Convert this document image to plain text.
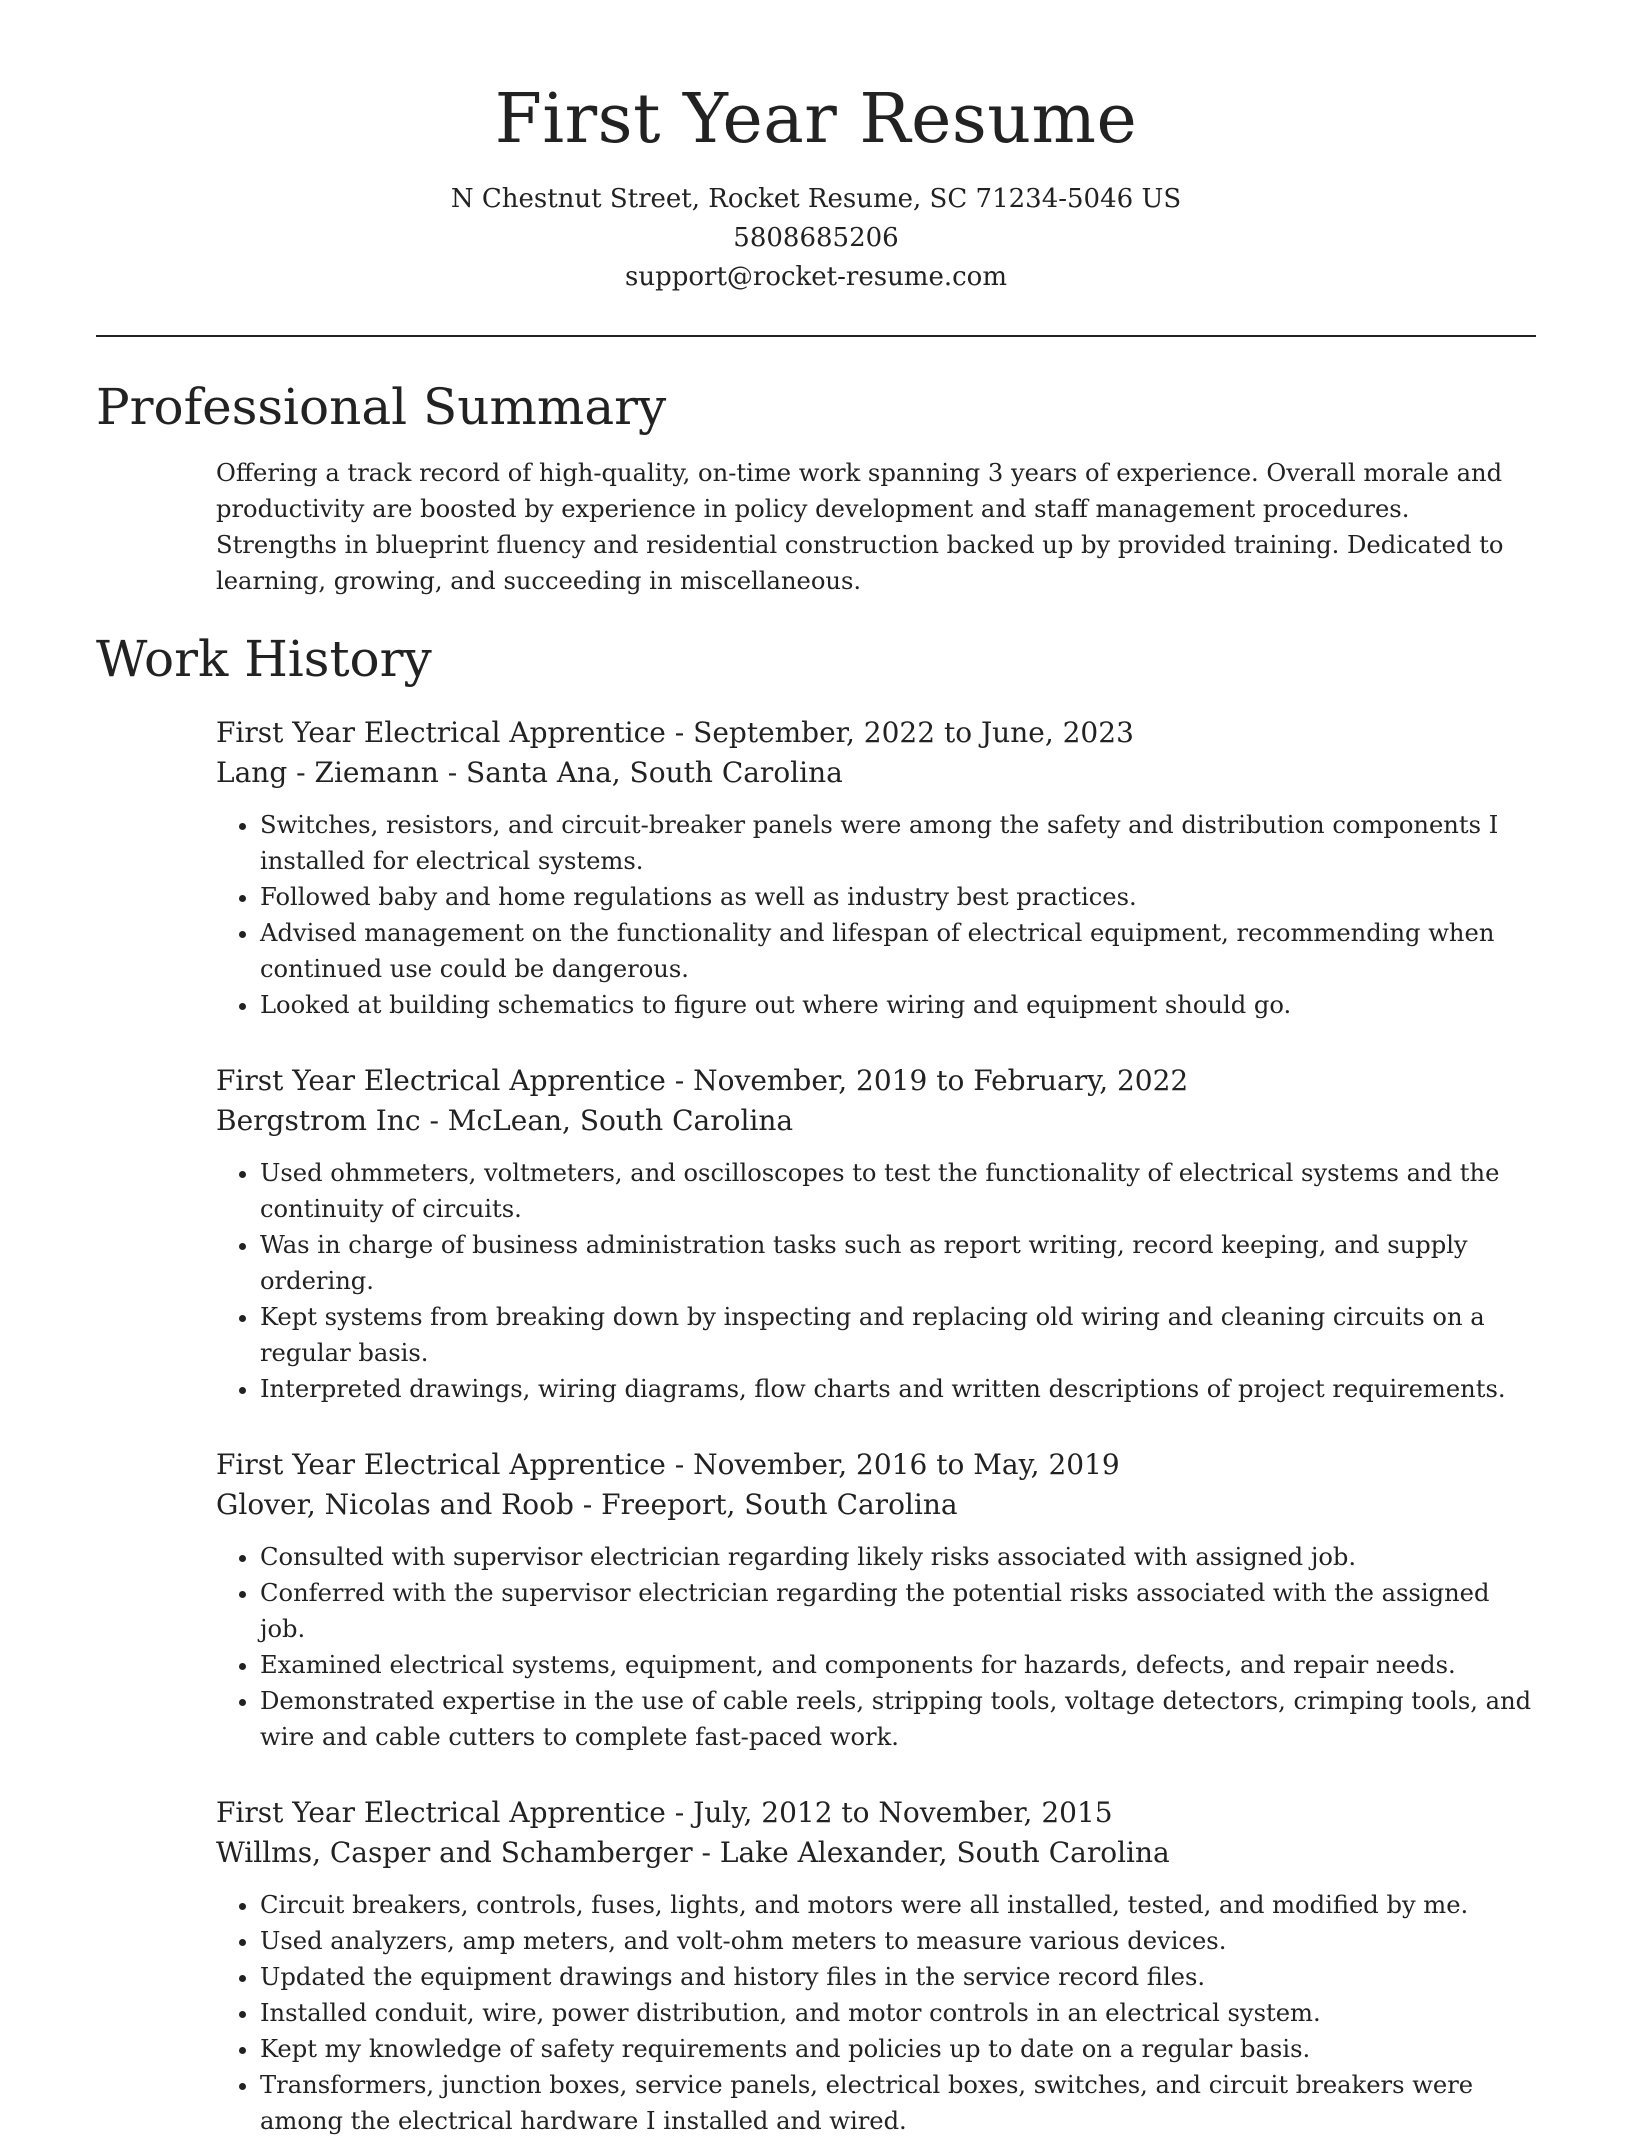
First Year Resume
N Chestnut Street, Rocket Resume, SC 71234-5046 US
5808685206
support@rocket-resume.com
Professional Summary

Offering a track record of high-quality, on-time work spanning 3 years of experience. Overall morale and productivity are boosted by experience in policy development and staff management procedures. Strengths in blueprint fluency and residential construction backed up by provided training. Dedicated to learning, growing, and succeeding in miscellaneous.

Work History
First Year Electrical Apprentice - September, 2022 to June, 2023
Lang - Ziemann - Santa Ana, South Carolina
• Switches, resistors, and circuit-breaker panels were among the safety and distribution components I installed for electrical systems.
• Followed baby and home regulations as well as industry best practices.
• Advised management on the functionality and lifespan of electrical equipment, recommending when continued use could be dangerous.
• Looked at building schematics to figure out where wiring and equipment should go.
First Year Electrical Apprentice - November, 2019 to February, 2022
Bergstrom Inc - McLean, South Carolina
• Used ohmmeters, voltmeters, and oscilloscopes to test the functionality of electrical systems and the continuity of circuits.
• Was in charge of business administration tasks such as report writing, record keeping, and supply ordering.
• Kept systems from breaking down by inspecting and replacing old wiring and cleaning circuits on a regular basis.
• Interpreted drawings, wiring diagrams, flow charts and written descriptions of project requirements.
First Year Electrical Apprentice - November, 2016 to May, 2019
Glover, Nicolas and Roob - Freeport, South Carolina
• Consulted with supervisor electrician regarding likely risks associated with assigned job.
• Conferred with the supervisor electrician regarding the potential risks associated with the assigned job.
• Examined electrical systems, equipment, and components for hazards, defects, and repair needs.
• Demonstrated expertise in the use of cable reels, stripping tools, voltage detectors, crimping tools, and wire and cable cutters to complete fast-paced work.
First Year Electrical Apprentice - July, 2012 to November, 2015
Willms, Casper and Schamberger - Lake Alexander, South Carolina
• Circuit breakers, controls, fuses, lights, and motors were all installed, tested, and modified by me.
• Used analyzers, amp meters, and volt-ohm meters to measure various devices.
• Updated the equipment drawings and history files in the service record files.
• Installed conduit, wire, power distribution, and motor controls in an electrical system.
• Kept my knowledge of safety requirements and policies up to date on a regular basis.
• Transformers, junction boxes, service panels, electrical boxes, switches, and circuit breakers were among the electrical hardware I installed and wired.
